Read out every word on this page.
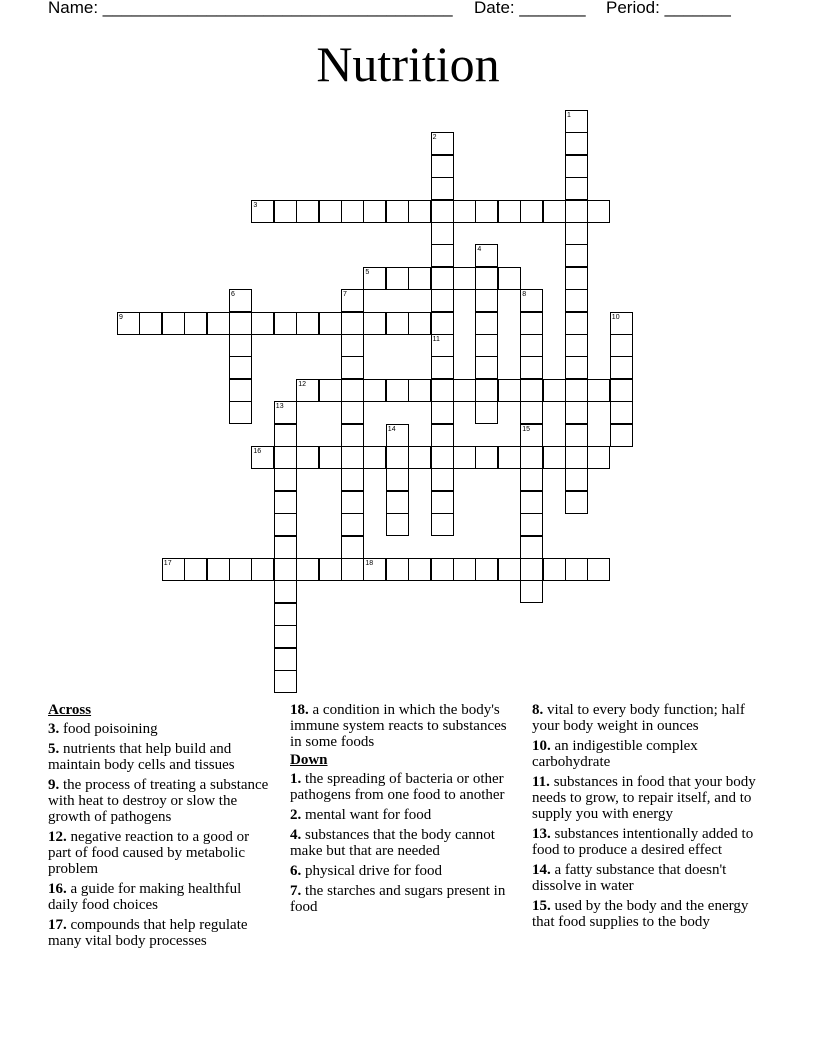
Name: _____________________________________ Date: _______ Period: _______
Nutrition
1
2
3
4
5
6	7	8
9	10
11
12
13
14	15
16
17	18
Across
3. food poisoining
5. nutrients that help build and maintain body cells and tissues
9. the process of treating a substance with heat to destroy or slow the growth of pathogens
12. negative reaction to a good or part of food caused by metabolic problem
16. a guide for making healthful daily food choices
17. compounds that help regulate many vital body processes
18. a condition in which the body's immune system reacts to substances in some foods
Down
1. the spreading of bacteria or other pathogens from one food to another
2. mental want for food
4. substances that the body cannot make but that are needed
6. physical drive for food
7. the starches and sugars present in food
8. vital to every body function; half your body weight in ounces
10. an indigestible complex carbohydrate
11. substances in food that your body needs to grow, to repair itself, and to supply you with energy
13. substances intentionally added to food to produce a desired effect
14. a fatty substance that doesn't dissolve in water
15. used by the body and the energy that food supplies to the body
